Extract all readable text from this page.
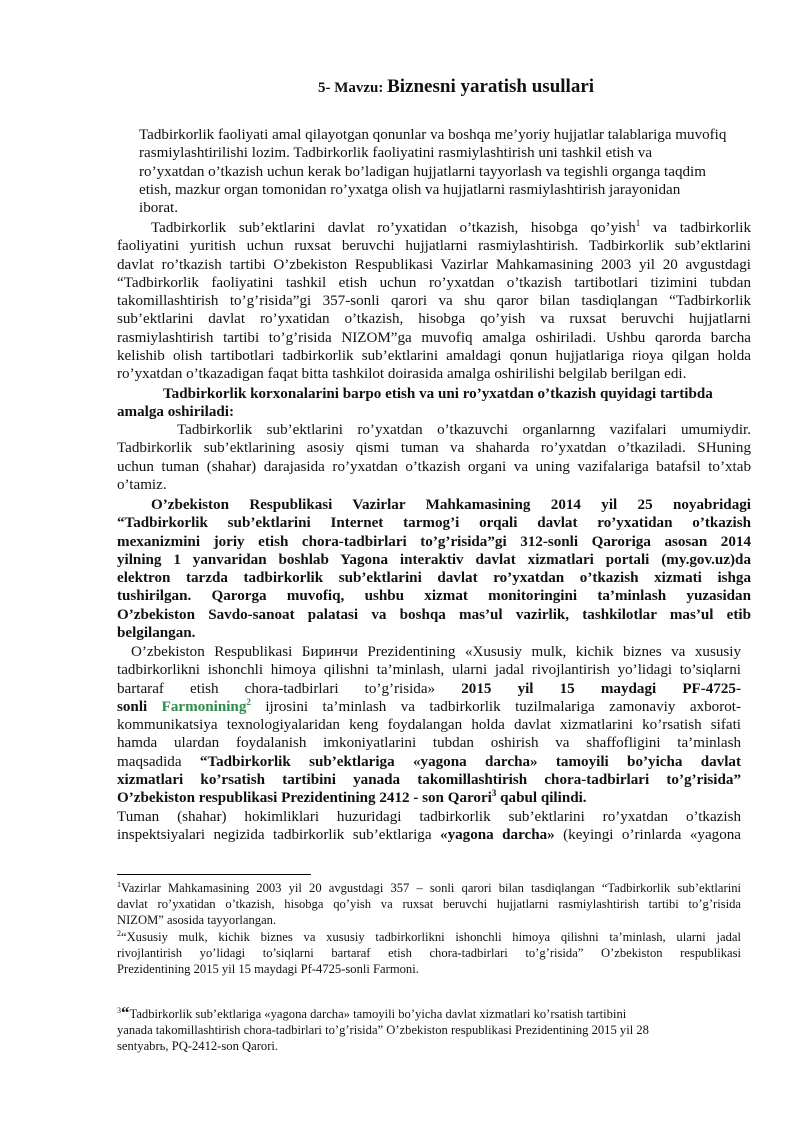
5- Mavzu: Biznesni yaratish usullari

Tadbirkorlik faoliyati amal qilayotgan qonunlar va boshqa me’yoriy hujjatlar talablariga muvofiq
rasmiylashtirilishi lozim. Tadbirkorlik faoliyatini rasmiylashtirish uni tashkil etish va
ro’yxatdan o’tkazish uchun kerak bo’ladigan hujjatlarni tayyorlash va tegishli organga taqdim
etish, mazkur organ tomonidan ro’yxatga olish va hujjatlarni rasmiylashtirish jarayonidan
iborat.

Tadbirkorlik sub’ektlarini davlat ro’yxatidan o’tkazish, hisobga qo’yish$^1$ va tadbirkorlik
faoliyatini yuritish uchun ruxsat beruvchi hujjatlarni rasmiylashtirish. Tadbirkorlik sub’ektlarini
davlat ro’tkazish tartibi O’zbekiston Respublikasi Vazirlar Mahkamasining 2003 yil 20 avgustdagi
“Tadbirkorlik faoliyatini tashkil etish uchun ro’yxatdan o’tkazish tartibotlari tizimini tubdan
takomillashtirish to’g’risida”gi 357-sonli qarori va shu qaror bilan tasdiqlangan “Tadbirkorlik
sub’ektlarini davlat ro’yxatidan o’tkazish, hisobga qo’yish va ruxsat beruvchi hujjatlarni
rasmiylashtirish tartibi to’g’risida NIZOM”ga muvofiq amalga oshiriladi. Ushbu qarorda barcha
kelishib olish tartibotlari tadbirkorlik sub’ektlarini amaldagi qonun hujjatlariga rioya qilgan holda
ro’yxatdan o’tkazadigan faqat bitta tashkilot doirasida amalga oshirilishi belgilab berilgan edi.

Tadbirkorlik korxonalarini barpo etish va uni ro’yxatdan o’tkazish quyidagi tartibda
amalga oshiriladi:

Tadbirkorlik sub’ektlarini ro’yxatdan o’tkazuvchi organlarnng vazifalari umumiydir.
Tadbirkorlik sub’ektlarining asosiy qismi tuman va shaharda ro’yxatdan o’tkaziladi. SHuning
uchun tuman (shahar) darajasida ro’yxatdan o’tkazish organi va uning vazifalariga batafsil to’xtab
o’tamiz.

O’zbekiston Respublikasi Vazirlar Mahkamasining 2014 yil 25 noyabridagi
“Tadbirkorlik sub’ektlarini Internet tarmog’i orqali davlat ro’yxatidan o’tkazish
mexanizmini joriy etish chora-tadbirlari to’g’risida”gi 312-sonli Qaroriga asosan 2014
yilning 1 yanvaridan boshlab Yagona interaktiv davlat xizmatlari portali (my.gov.uz)da
elektron tarzda tadbirkorlik sub’ektlarini davlat ro’yxatdan o’tkazish xizmati ishga
tushirilgan. Qarorga muvofiq, ushbu xizmat monitoringini ta’minlash yuzasidan
O’zbekiston Savdo-sanoat palatasi va boshqa mas’ul vazirlik, tashkilotlar mas’ul etib
belgilangan.

O’zbekiston Respublikasi Биринчи Prezidentining «Xususiy mulk, kichik biznes va xususiy
tadbirkorlikni ishonchli himoya qilishni ta’minlash, ularni jadal rivojlantirish yo’lidagi to’siqlarni
bartaraf etish chora-tadbirlari to’g’risida» 2015 yil 15 maydagi PF-4725-
sonli Farmonining$^2$ ijrosini ta’minlash va tadbirkorlik tuzilmalariga zamonaviy axborot-
kommunikatsiya texnologiyalaridan keng foydalangan holda davlat xizmatlarini ko’rsatish sifati
hamda ulardan foydalanish imkoniyatlarini tubdan oshirish va shaffofligini ta’minlash
maqsadida “Tadbirkorlik sub’ektlariga «yagona darcha» tamoyili bo’yicha davlat
xizmatlari ko’rsatish tartibini yanada takomillashtirish chora-tadbirlari to’g’risida”
O’zbekiston respublikasi Prezidentining 2412 - son Qarori$^3$ qabul qilindi.
Tuman (shahar) hokimliklari huzuridagi tadbirkorlik sub’ektlarini ro’yxatdan o’tkazish
inspektsiyalari negizida tadbirkorlik sub’ektlariga «yagona darcha» (keyingi o’rinlarda «yagona

$^1$Vazirlar Mahkamasining 2003 yil 20 avgustdagi 357 – sonli qarori bilan tasdiqlangan “Tadbirkorlik sub’ektlarini
davlat ro’yxatidan o’tkazish, hisobga qo’yish va ruxsat beruvchi hujjatlarni rasmiylashtirish tartibi to’g’risida
NIZOM” asosida tayyorlangan.

$^2$“Xususiy mulk, kichik biznes va xususiy tadbirkorlikni ishonchli himoya qilishni ta’minlash, ularni jadal
rivojlantirish yo’lidagi to’siqlarni bartaraf etish chora-tadbirlari to’g’risida” O’zbekiston respublikasi
Prezidentining 2015 yil 15 maydagi Pf-4725-sonli Farmoni.

$^3$“Tadbirkorlik sub’ektlariga «yagona darcha» tamoyili bo’yicha davlat xizmatlari ko’rsatish tartibini
yanada takomillashtirish chora-tadbirlari to’g’risida” O’zbekiston respublikasi Prezidentining 2015 yil 28
sentyabrь, PQ-2412-son Qarori.
